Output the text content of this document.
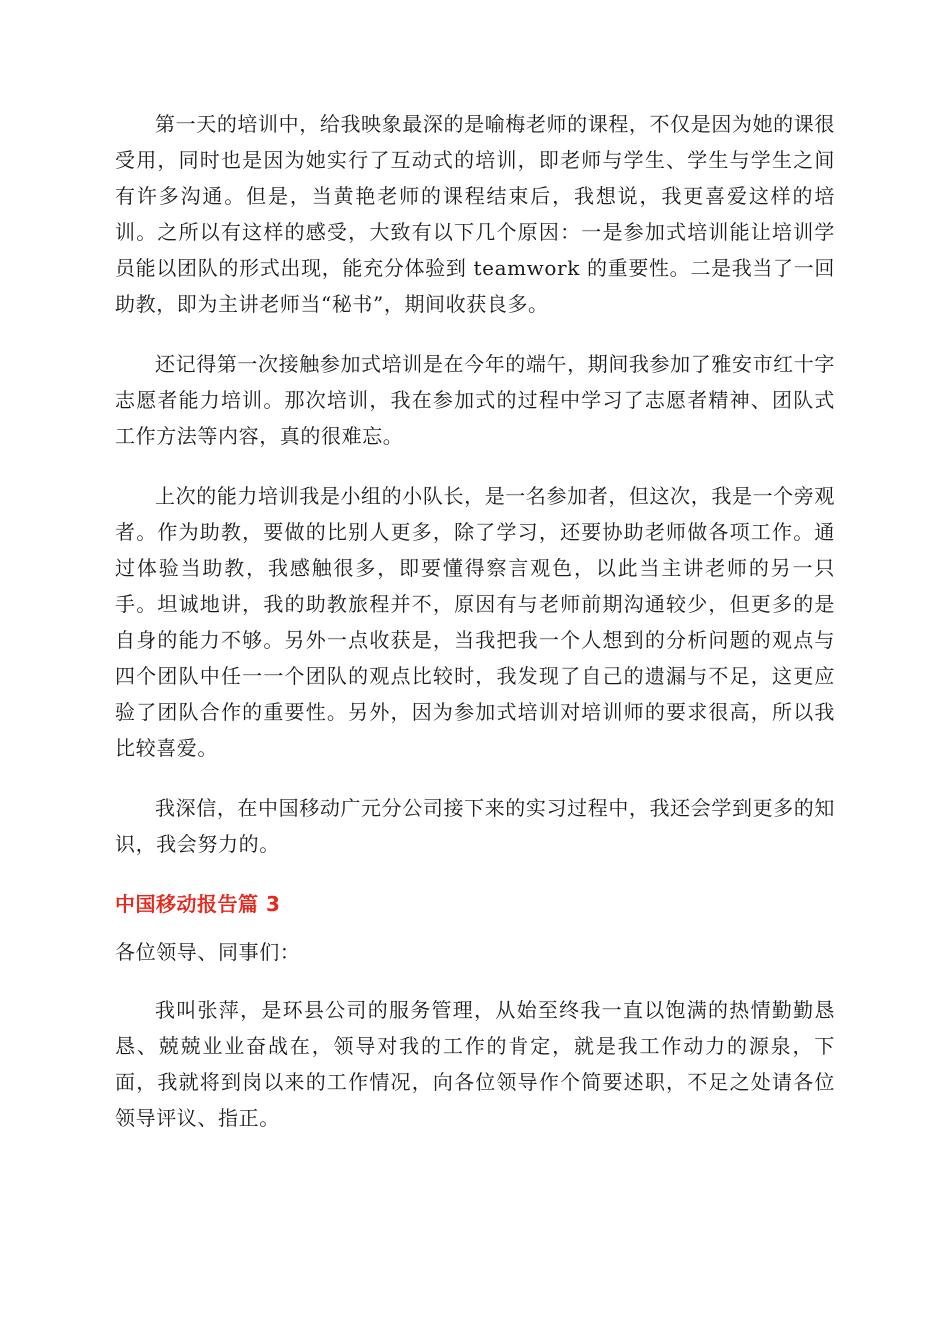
第一天的培训中，给我映象最深的是喻梅老师的课程，不仅是因为她的课很受用，同时也是因为她实行了互动式的培训，即老师与学生、学生与学生之间有许多沟通。但是，当黄艳老师的课程结束后，我想说，我更喜爱这样的培训。之所以有这样的感受，大致有以下几个原因：一是参加式培训能让培训学员能以团队的形式出现，能充分体验到 teamwork 的重要性。二是我当了一回助教，即为主讲老师当“秘书”，期间收获良多。

还记得第一次接触参加式培训是在今年的端午，期间我参加了雅安市红十字志愿者能力培训。那次培训，我在参加式的过程中学习了志愿者精神、团队式工作方法等内容，真的很难忘。

上次的能力培训我是小组的小队长，是一名参加者，但这次，我是一个旁观者。作为助教，要做的比别人更多，除了学习，还要协助老师做各项工作。通过体验当助教，我感触很多，即要懂得察言观色，以此当主讲老师的另一只手。坦诚地讲，我的助教旅程并不，原因有与老师前期沟通较少，但更多的是自身的能力不够。另外一点收获是，当我把我一个人想到的分析问题的观点与四个团队中任一一个团队的观点比较时，我发现了自己的遗漏与不足，这更应验了团队合作的重要性。另外，因为参加式培训对培训师的要求很高，所以我比较喜爱。

我深信，在中国移动广元分公司接下来的实习过程中，我还会学到更多的知识，我会努力的。

中国移动报告篇 3

各位领导、同事们：

我叫张萍，是环县公司的服务管理，从始至终我一直以饱满的热情勤勤恳恳、兢兢业业奋战在，领导对我的工作的肯定，就是我工作动力的源泉，下面，我就将到岗以来的工作情况，向各位领导作个简要述职，不足之处请各位领导评议、指正。
